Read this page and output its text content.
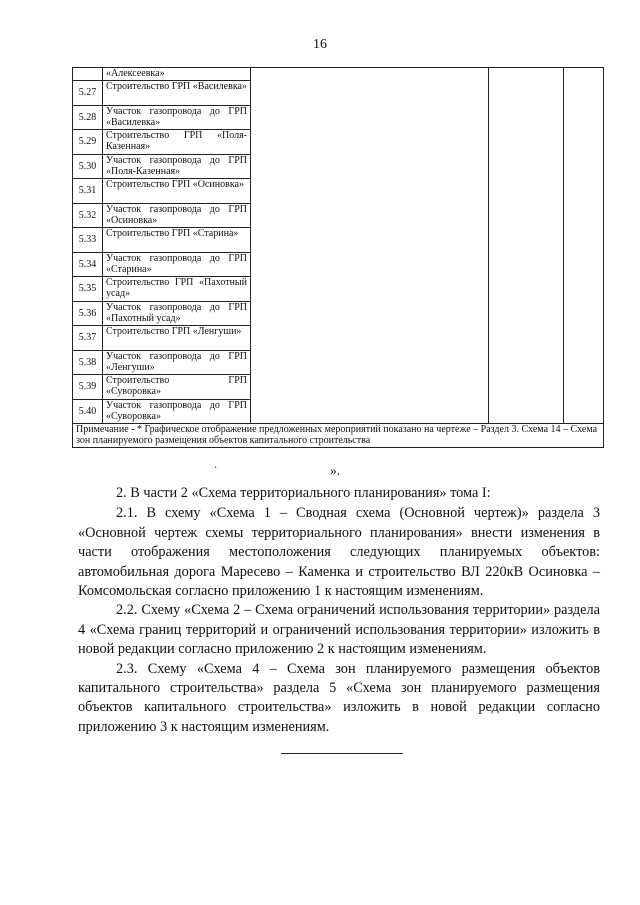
16
	«Алексеевка»			
5.27	Строительство ГРП «Василевка»			
5.28	Участок газопровода до ГРП «Василевка»			
5.29	Строительство ГРП «Поля-Казенная»			
5.30	Участок газопровода до ГРП «Поля-Казенная»			
5.31	Строительство ГРП «Осиновка»			
5.32	Участок газопровода до ГРП «Осиновка»			
5.33	Строительство ГРП «Старина»			
5.34	Участок газопровода до ГРП «Старина»			
5.35	Строительство ГРП «Пахотный усад»			
5.36	Участок газопровода до ГРП «Пахотный усад»			
5.37	Строительство ГРП «Ленгуши»			
5.38	Участок газопровода до ГРП «Ленгуши»			
5.39	Строительство ГРП «Суворовка»			
5.40	Участок газопровода до ГРП «Суворовка»			
Примечание - * Графическое отображение предложенных мероприятий показано на чертеже – Раздел 3. Схема 14 – Схема зон планируемого размещения объектов капитального строительства				
·	».

2. В части 2 «Схема территориального планирования» тома I:

2.1. В схему «Схема 1 – Сводная схема (Основной чертеж)» раздела 3 «Основной чертеж схемы территориального планирования» внести изменения в части отображения местоположения следующих планируемых объектов: автомобильная дорога Маресево – Каменка и строительство ВЛ 220кВ Осиновка – Комсомольская согласно приложению 1 к настоящим изменениям.

2.2. Схему «Схема 2 – Схема ограничений использования территории» раздела 4 «Схема границ территорий и ограничений использования территории» изложить в новой редакции согласно приложению 2 к настоящим изменениям.

2.3. Схему «Схема 4 – Схема зон планируемого размещения объектов капитального строительства» раздела 5 «Схема зон планируемого размещения объектов капитального строительства» изложить в новой редакции согласно приложению 3 к настоящим изменениям.
